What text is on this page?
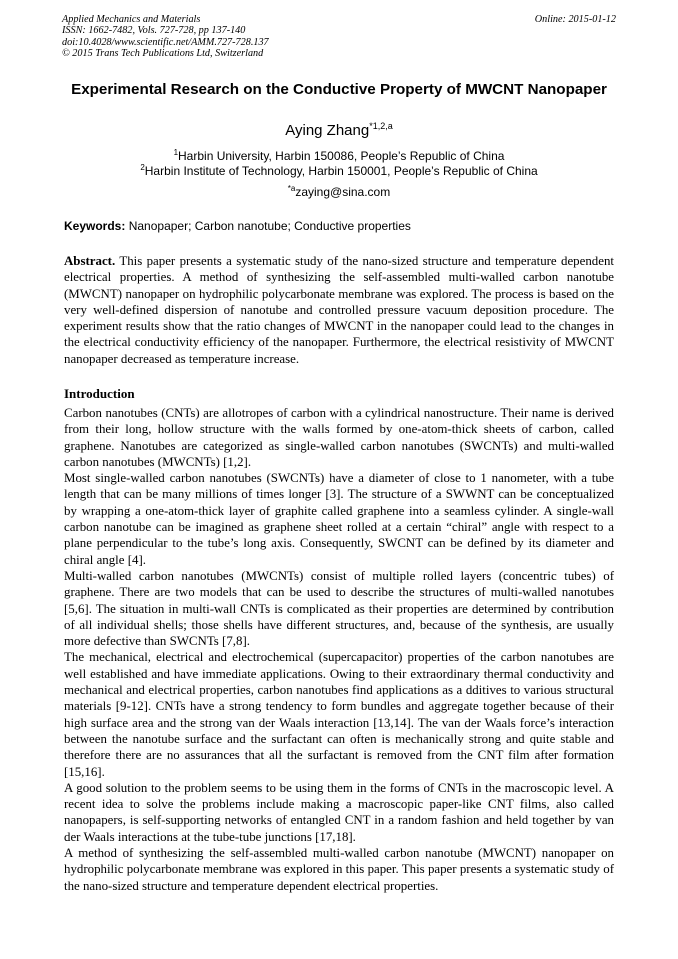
Applied Mechanics and Materials
ISSN: 1662-7482, Vols. 727-728, pp 137-140
doi:10.4028/www.scientific.net/AMM.727-728.137
© 2015 Trans Tech Publications Ltd, Switzerland
Online: 2015-01-12
Experimental Research on the Conductive Property of MWCNT Nanopaper
Aying Zhang$^{*1,2,a}$
$^1$Harbin University, Harbin 150086, People’s Republic of China
$^2$Harbin Institute of Technology, Harbin 150001, People’s Republic of China
$^{*a}$zaying@sina.com
Keywords: Nanopaper; Carbon nanotube; Conductive properties
Abstract. This paper presents a systematic study of the nano-sized structure and temperature dependent electrical properties. A method of synthesizing the self-assembled multi-walled carbon nanotube (MWCNT) nanopaper on hydrophilic polycarbonate membrane was explored. The process is based on the very well-defined dispersion of nanotube and controlled pressure vacuum deposition procedure. The experiment results show that the ratio changes of MWCNT in the nanopaper could lead to the changes in the electrical conductivity efficiency of the nanopaper. Furthermore, the electrical resistivity of MWCNT nanopaper decreased as temperature increase.
Introduction

Carbon nanotubes (CNTs) are allotropes of carbon with a cylindrical nanostructure. Their name is derived from their long, hollow structure with the walls formed by one-atom-thick sheets of carbon, called graphene. Nanotubes are categorized as single-walled carbon nanotubes (SWCNTs) and multi-walled carbon nanotubes (MWCNTs) [1,2].

Most single-walled carbon nanotubes (SWCNTs) have a diameter of close to 1 nanometer, with a tube length that can be many millions of times longer [3]. The structure of a SWWNT can be conceptualized by wrapping a one-atom-thick layer of graphite called graphene into a seamless cylinder. A single-wall carbon nanotube can be imagined as graphene sheet rolled at a certain “chiral” angle with respect to a plane perpendicular to the tube’s long axis. Consequently, SWCNT can be defined by its diameter and chiral angle [4].

Multi-walled carbon nanotubes (MWCNTs) consist of multiple rolled layers (concentric tubes) of graphene. There are two models that can be used to describe the structures of multi-walled nanotubes [5,6]. The situation in multi-wall CNTs is complicated as their properties are determined by contribution of all individual shells; those shells have different structures, and, because of the synthesis, are usually more defective than SWCNTs [7,8].

The mechanical, electrical and electrochemical (supercapacitor) properties of the carbon nanotubes are well established and have immediate applications. Owing to their extraordinary thermal conductivity and mechanical and electrical properties, carbon nanotubes find applications as a dditives to various structural materials [9-12]. CNTs have a strong tendency to form bundles and aggregate together because of their high surface area and the strong van der Waals interaction [13,14]. The van der Waals force’s interaction between the nanotube surface and the surfactant can often is mechanically strong and quite stable and therefore there are no assurances that all the surfactant is removed from the CNT film after formation [15,16].

A good solution to the problem seems to be using them in the forms of CNTs in the macroscopic level. A recent idea to solve the problems include making a macroscopic paper-like CNT films, also called nanopapers, is self-supporting networks of entangled CNT in a random fashion and held together by van der Waals interactions at the tube-tube junctions [17,18].

A method of synthesizing the self-assembled multi-walled carbon nanotube (MWCNT) nanopaper on hydrophilic polycarbonate membrane was explored in this paper. This paper presents a systematic study of the nano-sized structure and temperature dependent electrical properties.
